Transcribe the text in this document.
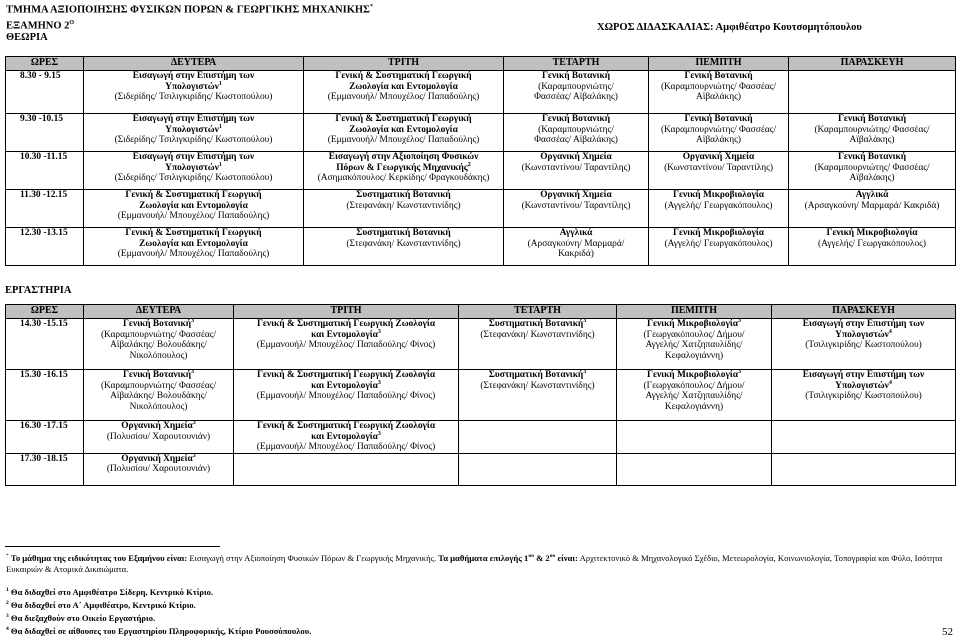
ΤΜΗΜΑ ΑΞΙΟΠΟΙΗΣΗΣ ΦΥΣΙΚΩΝ ΠΟΡΩΝ & ΓΕΩΡΓΙΚΗΣ ΜΗΧΑΝΙΚΗΣ*
ΕΞΑΜΗΝΟ $2^O$
ΘΕΩΡΙΑ
ΧΩΡΟΣ ΔΙΔΑΣΚΑΛΙΑΣ: Αμφιθέατρο Κουτσομητόπουλου
ΩΡΕΣ	ΔΕΥΤΕΡΑ	ΤΡΙΤΗ	ΤΕΤΑΡΤΗ	ΠΕΜΠΤΗ	ΠΑΡΑΣΚΕΥΗ
8.30 - 9.15	Εισαγωγή στην Επιστήμη των
Υπολογιστών$^1$
(Σιδερίδης/ Τσιλιγκιρίδης/ Κωστοπούλου)	Γενική & Συστηματική Γεωργική
Ζωολογία και Εντομολογία
(Εμμανουήλ/ Μπουχέλος/ Παπαδούλης)	Γενική Βοτανική
(Καραμπουρνιώτης/
Φασσέας/ Αϊβαλάκης)	Γενική Βοτανική
(Καραμπουρνιώτης/ Φασσέας/
Αϊβαλάκης)	

9.30 -10.15	Εισαγωγή στην Επιστήμη των
Υπολογιστών$^1$
(Σιδερίδης/ Τσιλιγκιρίδης/ Κωστοπούλου)	Γενική & Συστηματική Γεωργική
Ζωολογία και Εντομολογία
(Εμμανουήλ/ Μπουχέλος/ Παπαδούλης)	Γενική Βοτανική
(Καραμπουρνιώτης/
Φασσέας/ Αϊβαλάκης)	Γενική Βοτανική
(Καραμπουρνιώτης/ Φασσέας/
Αϊβαλάκης)	Γενική Βοτανική
(Καραμπουρνιώτης/ Φασσέας/
Αϊβαλάκης)

10.30 -11.15	Εισαγωγή στην Επιστήμη των
Υπολογιστών$^1$
(Σιδερίδης/ Τσιλιγκιρίδης/ Κωστοπούλου)	Εισαγωγή στην Αξιοποίηση Φυσικών
Πόρων & Γεωργικής Μηχανικής$^2$
(Ασημακόπουλος/ Κερκίδης/ Φραγκουδάκης)	Οργανική Χημεία
(Κωνσταντίνου/ Ταραντίλης)	Οργανική Χημεία
(Κωνσταντίνου/ Ταραντίλης)	Γενική Βοτανική
(Καραμπουρνιώτης/ Φασσέας/
Αϊβαλάκης)

11.30 -12.15	Γενική & Συστηματική Γεωργική
Ζωολογία και Εντομολογία
(Εμμανουήλ/ Μπουχέλος/ Παπαδούλης)	Συστηματική Βοτανική
(Στεφανάκη/ Κωνσταντινίδης)	Οργανική Χημεία
(Κωνσταντίνου/ Ταραντίλης)	Γενική Μικροβιολογία
(Αγγελής/ Γεωργακόπουλος)	Αγγλικά
(Αρσαγκούνη/ Μαρμαρά/ Κακριδά)

12.30 -13.15	Γενική & Συστηματική Γεωργική
Ζωολογία και Εντομολογία
(Εμμανουήλ/ Μπουχέλος/ Παπαδούλης)	Συστηματική Βοτανική
(Στεφανάκη/ Κωνσταντινίδης)	Αγγλικά
(Αρσαγκούνη/ Μαρμαρά/
Κακριδά)	Γενική Μικροβιολογία
(Αγγελής/ Γεωργακόπουλος)	Γενική Μικροβιολογία
(Αγγελής/ Γεωργακόπουλος)
ΕΡΓΑΣΤΗΡΙΑ
ΩΡΕΣ	ΔΕΥΤΕΡΑ	ΤΡΙΤΗ	ΤΕΤΑΡΤΗ	ΠΕΜΠΤΗ	ΠΑΡΑΣΚΕΥΗ
14.30 -15.15	Γενική Βοτανική$^3$
(Καραμπουρνιώτης/ Φασσέας/
Αϊβαλάκης/ Βολουδάκης/
Νικολόπουλος)	Γενική & Συστηματική Γεωργική Ζωολογία
και Εντομολογία$^3$
(Εμμανουήλ/ Μπουχέλος/ Παπαδούλης/ Φίνος)	Συστηματική Βοτανική$^3$
(Στεφανάκη/ Κωνσταντινίδης)	Γενική Μικροβιολογία$^3$
(Γεωργακόπουλος/ Δήμου/
Αγγελής/ Χατζηπαυλίδης/
Κεφαλογιάννη)	Εισαγωγή στην Επιστήμη των
Υπολογιστών$^4$
(Τσιλιγκιρίδης/ Κωστοπούλου)

15.30 -16.15	Γενική Βοτανική$^3$
(Καραμπουρνιώτης/ Φασσέας/
Αϊβαλάκης/ Βολουδάκης/
Νικολόπουλος)	Γενική & Συστηματική Γεωργική Ζωολογία
και Εντομολογία$^3$
(Εμμανουήλ/ Μπουχέλος/ Παπαδούλης/ Φίνος)	Συστηματική Βοτανική$^3$
(Στεφανάκη/ Κωνσταντινίδης)	Γενική Μικροβιολογία$^3$
(Γεωργακόπουλος/ Δήμου/
Αγγελής/ Χατζηπαυλίδης/
Κεφαλογιάννη)	Εισαγωγή στην Επιστήμη των
Υπολογιστών$^4$
(Τσιλιγκιρίδης/ Κωστοπούλου)

16.30 -17.15	Οργανική Χημεία$^3$
(Πολυσίου/ Χαρουτουνιάν)	Γενική & Συστηματική Γεωργική Ζωολογία
και Εντομολογία$^3$
(Εμμανουήλ/ Μπουχέλος/ Παπαδούλης/ Φίνος)			

17.30 -18.15	Οργανική Χημεία$^3$
(Πολυσίου/ Χαρουτουνιάν)				

* Το μάθημα της ειδικότητας του Εξαμήνου είναι: Εισαγωγή στην Αξιοποίηση Φυσικών Πόρων & Γεωργικής Μηχανικής. Τα μαθήματα επιλογής $1^{o\upsilon}$ & $2^{o\upsilon}$ είναι: Αρχιτεκτονικό & Μηχανολογικό Σχέδιο, Μετεωρολογία, Κοινωνιολογία, Τοπογραφία και Φύλο, Ισότητα Ευκαιριών & Ατομικά Δικαιώματα.
$^1$ Θα διδαχθεί στο Αμφιθέατρο Σίδερη, Κεντρικό Κτίριο.
$^2$ Θα διδαχθεί στο Α΄ Αμφιθέατρο, Κεντρικό Κτίριο.
$^3$ Θα διεξαχθούν στο Οικείο Εργαστήριο.
$^4$ Θα διδαχθεί σε αίθουσες του Εργαστηρίου Πληροφορικής, Κτίριο Ρουσσόπουλου.	52
